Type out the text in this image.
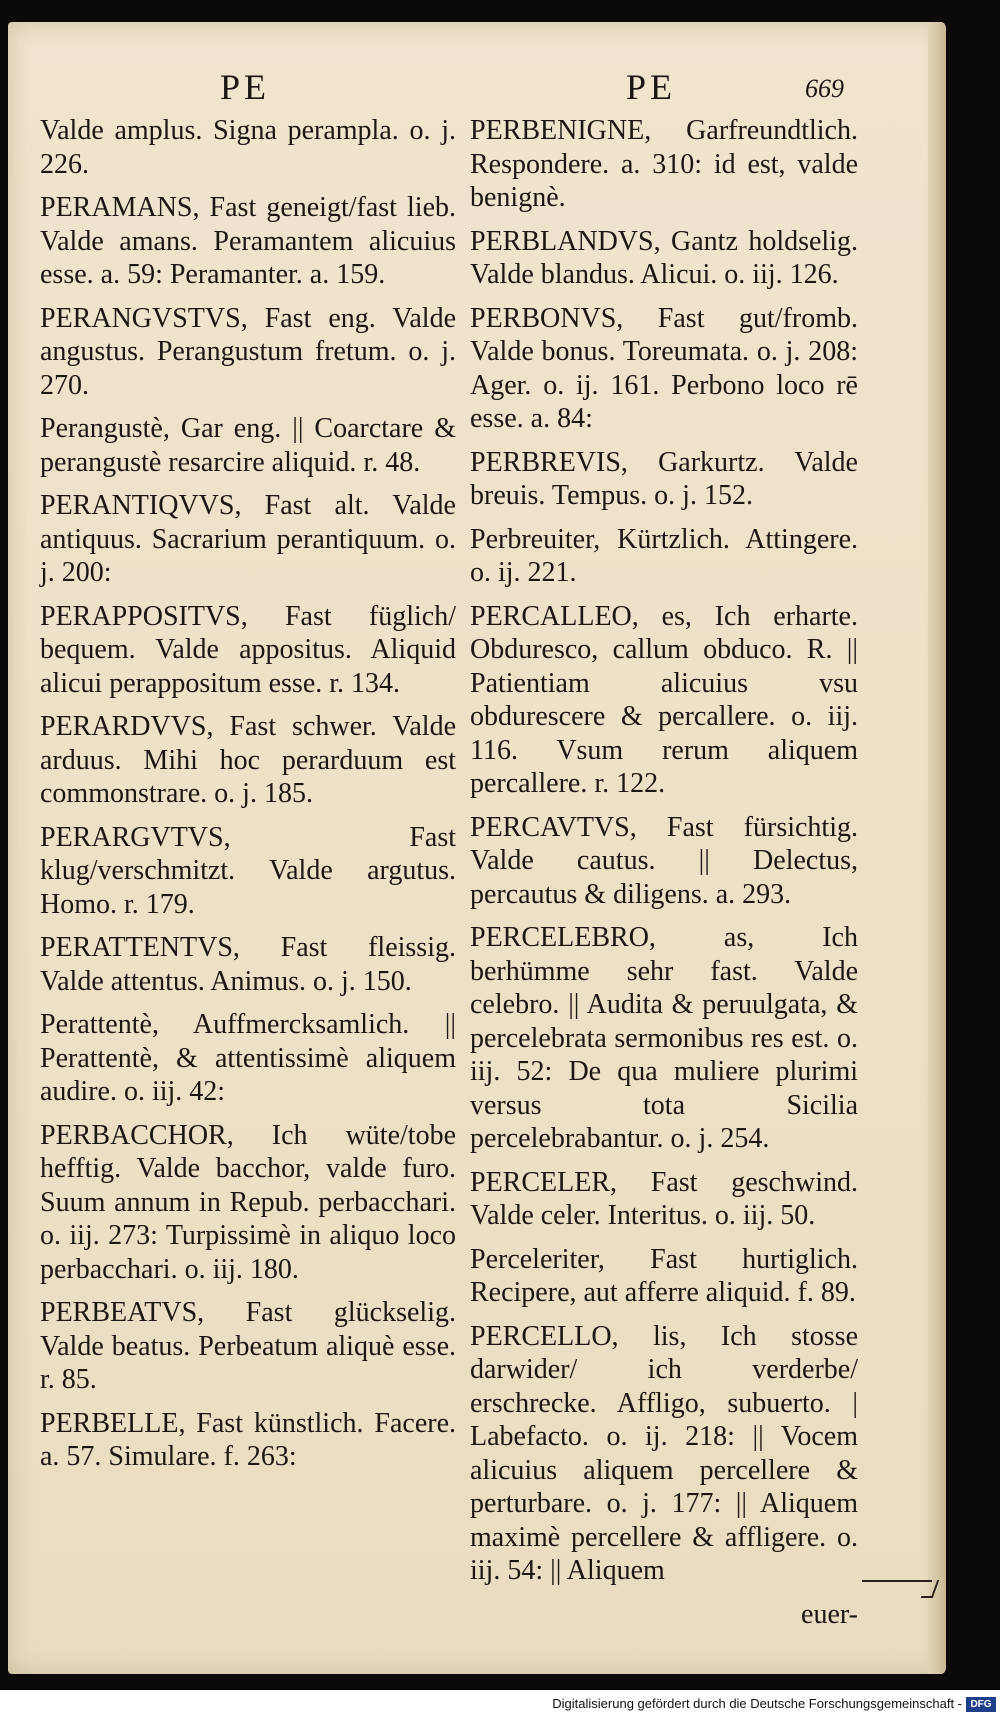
PE	PE	669

Valde amplus. Signa perampla. o. j. 226.

PERAMANS, Fast geneigt/fast lieb. Valde amans. Peramantem alicuius esse. a. 59: Peramanter. a. 159.

PERANGVSTVS, Fast eng. Valde angustus. Perangustum fretum. o. j. 270.

Perangustè, Gar eng. || Coarctare & perangustè resarcire aliquid. r. 48.

PERANTIQVVS, Fast alt. Valde antiquus. Sacrarium perantiquum. o. j. 200:

PERAPPOSITVS, Fast füglich/ bequem. Valde appositus. Aliquid alicui perappositum esse. r. 134.

PERARDVVS, Fast schwer. Valde arduus. Mihi hoc perarduum est commonstrare. o. j. 185.

PERARGVTVS, Fast klug/verschmitzt. Valde argutus. Homo. r. 179.

PERATTENTVS, Fast fleissig. Valde attentus. Animus. o. j. 150.

Perattentè, Auffmercksamlich. || Perattentè, & attentissimè aliquem audire. o. iij. 42:

PERBACCHOR, Ich wüte/tobe hefftig. Valde bacchor, valde furo. Suum annum in Repub. perbacchari. o. iij. 273: Turpissimè in aliquo loco perbacchari. o. iij. 180.

PERBEATVS, Fast glückselig. Valde beatus. Perbeatum aliquè esse. r. 85.

PERBELLE, Fast künstlich. Facere. a. 57. Simulare. f. 263:

PERBENIGNE, Garfreundtlich. Respondere. a. 310: id est, valde benignè.

PERBLANDVS, Gantz holdselig. Valde blandus. Alicui. o. iij. 126.

PERBONVS, Fast gut/fromb. Valde bonus. Toreumata. o. j. 208: Ager. o. ij. 161. Perbono loco rē esse. a. 84:

PERBREVIS, Garkurtz. Valde breuis. Tempus. o. j. 152.

Perbreuiter, Kürtzlich. Attingere. o. ij. 221.

PERCALLEO, es, Ich erharte. Obduresco, callum obduco. R. || Patientiam alicuius vsu obdurescere & percallere. o. iij. 116. Vsum rerum aliquem percallere. r. 122.

PERCAVTVS, Fast fürsichtig. Valde cautus. || Delectus, percautus & diligens. a. 293.

PERCELEBRO, as, Ich berhümme sehr fast. Valde celebro. || Audita & peruulgata, & percelebrata sermonibus res est. o. iij. 52: De qua muliere plurimi versus tota Sicilia percelebrabantur. o. j. 254.

PERCELER, Fast geschwind. Valde celer. Interitus. o. iij. 50.

Perceleriter, Fast hurtiglich. Recipere, aut afferre aliquid. f. 89.

PERCELLO, lis, Ich stosse darwider/ ich verderbe/ erschrecke. Affligo, subuerto. | Labefacto. o. ij. 218: || Vocem alicuius aliquem percellere & perturbare. o. j. 177: || Aliquem maximè percellere & affligere. o. iij. 54: || Aliquem

euer-

Digitalisierung gefördert durch die Deutsche Forschungsgemeinschaft - DFG
